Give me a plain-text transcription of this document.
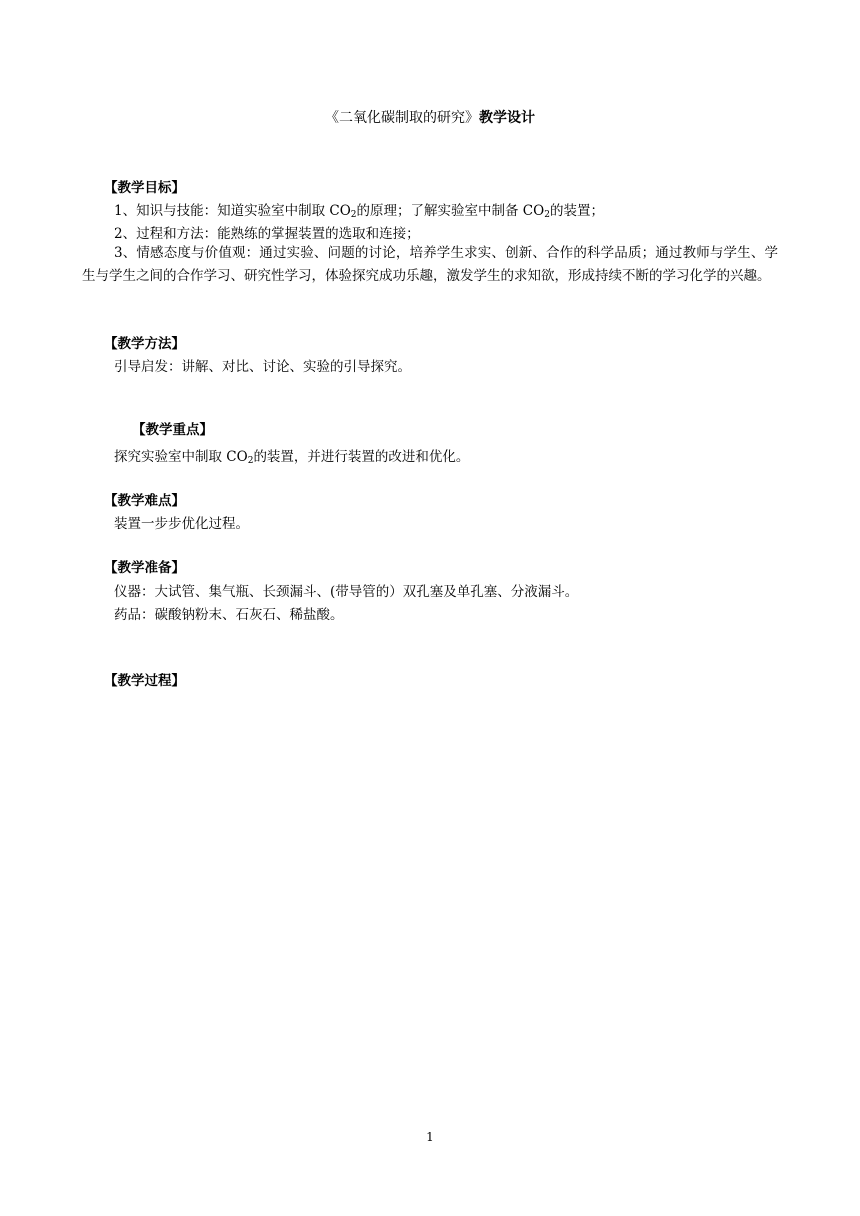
《二氧化碳制取的研究》教学设计
【教学目标】
1、知识与技能：知道实验室中制取 $CO_2$的原理；了解实验室中制备 $CO_2$的装置；
2、过程和方法：能熟练的掌握装置的选取和连接；
3、情感态度与价值观：通过实验、问题的讨论，培养学生求实、创新、合作的科学品质；通过教师与学生、学生与学生之间的合作学习、研究性学习，体验探究成功乐趣，激发学生的求知欲，形成持续不断的学习化学的兴趣。
【教学方法】
引导启发：讲解、对比、讨论、实验的引导探究。
【教学重点】
探究实验室中制取 $CO_2$的装置，并进行装置的改进和优化。
【教学难点】
装置一步步优化过程。
【教学准备】
仪器：大试管、集气瓶、长颈漏斗、(带导管的）双孔塞及单孔塞、分液漏斗。
药品：碳酸钠粉末、石灰石、稀盐酸。
【教学过程】
1
